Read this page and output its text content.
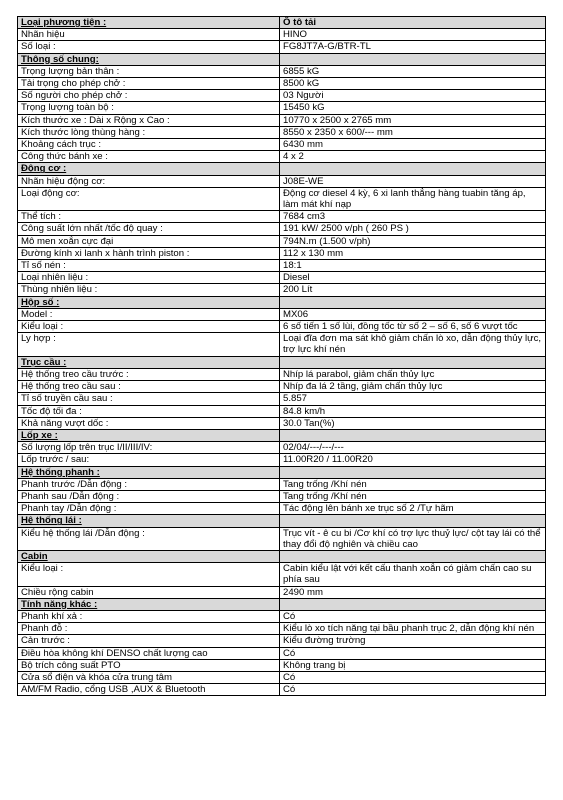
Loại phương tiện :	Ô tô tải
Nhãn hiệu	HINO
Số loại :	FG8JT7A-G/BTR-TL
Thông số chung:	
Trọng lượng bản thân :	6855 kG
Tải trọng cho phép chở :	8500 kG
Số người cho phép chở :	03 Người
Trọng lượng toàn bộ :	15450 kG
Kích thước xe : Dài x Rộng x Cao :	10770 x 2500 x 2765 mm
Kích thước lòng thùng hàng :	8550 x 2350 x 600/--- mm
Khoảng cách trục :	6430 mm
Công thức bánh xe :	4 x 2
Động cơ :	
Nhãn hiệu động cơ:	J08E-WE
Loại động cơ:	Động cơ diesel 4 kỳ, 6 xi lanh thẳng hàng tuabin tăng áp, làm mát khí nạp
Thể tích :	7684 cm3
Công suất lớn nhất /tốc độ quay :	191 kW/ 2500 v/ph ( 260 PS )
Mô men xoắn cực đại	794N.m (1.500 v/ph)
Đường kính xi lanh x hành trình piston :	112 x 130 mm
Tỉ số nén :	18:1
Loại nhiên liệu :	Diesel
Thùng nhiên liệu :	200 Lít
Hộp số :	
Model :	MX06
Kiểu loại :	6 số tiến 1 số lùi, đồng tốc từ số 2 – số 6, số 6 vượt tốc
Ly hợp :	Loại đĩa đơn ma sát khô giảm chấn lò xo, dẫn động thủy lực, trợ lực khí nén
Trục cầu :	
Hệ thống treo cầu trước :	Nhíp lá parabol, giảm chấn thủy lực
Hệ thống treo cầu sau :	Nhíp đa lá 2 tầng, giảm chấn thủy lực
Tỉ số truyền cầu sau :	5.857
Tốc độ tối đa :	84.8 km/h
Khả năng vượt dốc :	30.0 Tan(%)
Lốp xe :	
Số lượng lốp trên trục I/II/III/IV:	02/04/---/---/---
Lốp trước / sau:	11.00R20 / 11.00R20
Hệ thống phanh :	
Phanh trước /Dẫn động :	Tang trống /Khí nén
Phanh sau /Dẫn động :	Tang trống /Khí nén
Phanh tay /Dẫn động :	Tác động lên bánh xe trục số 2 /Tự hãm
Hệ thống lái :	
Kiểu hệ thống lái /Dẫn động :	Trục vít - ê cu bi /Cơ khí có trợ lực thuỷ lực/ cột tay lái có thể thay đổi độ nghiên và chiều cao
Cabin	
Kiểu loại :	Cabin kiểu lật với kết cấu thanh xoắn có giảm chấn cao su phía sau
Chiều rộng cabin	2490 mm
Tính năng khác :	
Phanh khí xả :	Có
Phanh đỗ :	Kiểu lò xo tích năng tại bầu phanh trục 2, dẫn động khí nén
Cản trước :	Kiểu đường trường
Điều hòa không khí DENSO chất lượng cao	Có
Bộ trích công suất PTO	Không trang bị
Cửa sổ điện và khóa cửa trung tâm	Có
AM/FM Radio, cổng USB ,AUX & Bluetooth	Có
